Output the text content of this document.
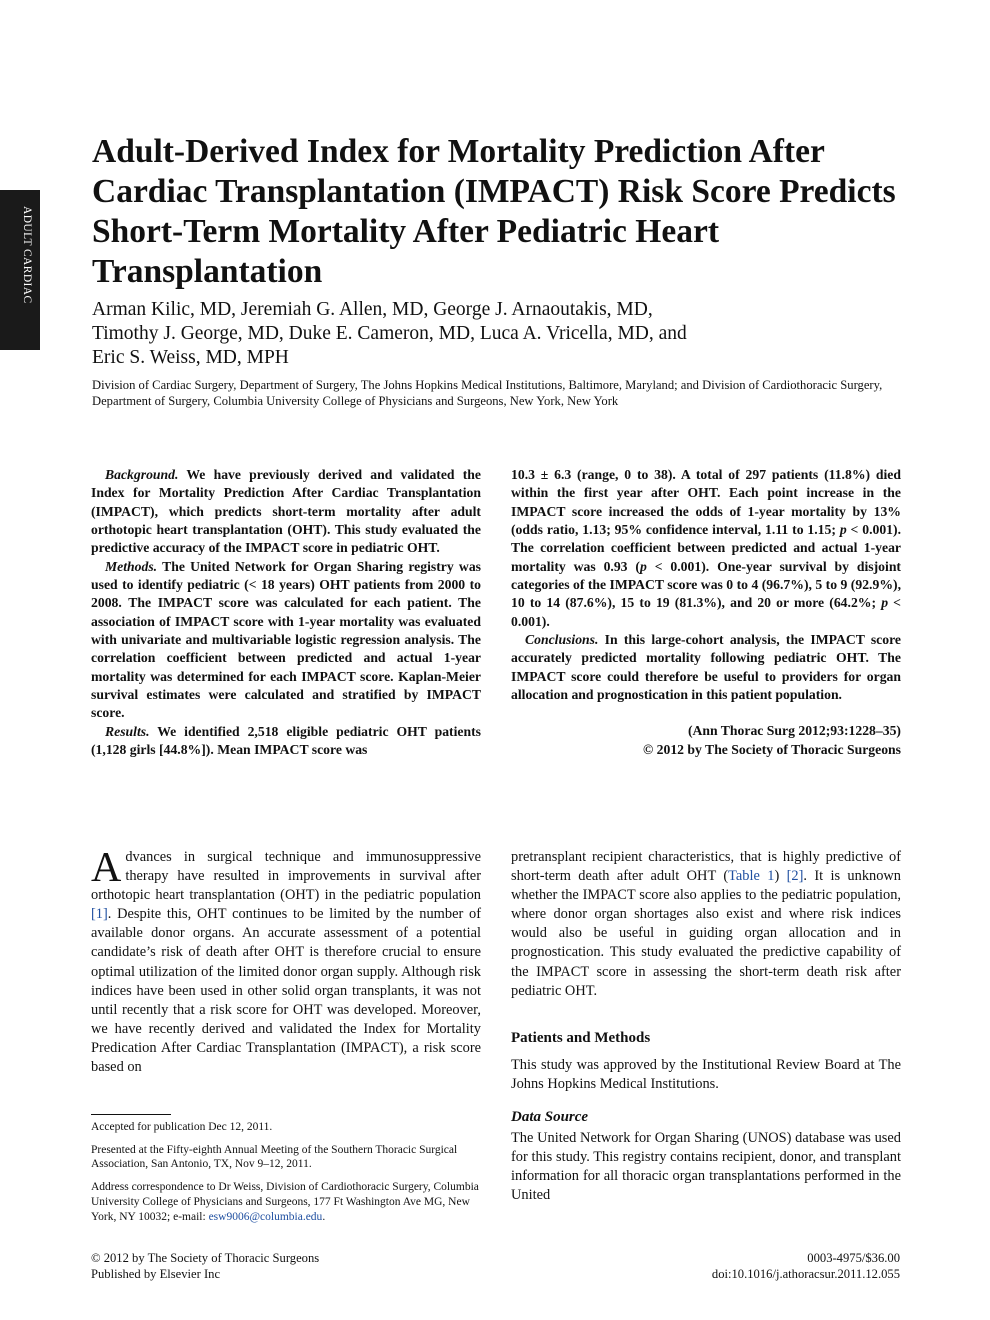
ADULT CARDIAC
Adult-Derived Index for Mortality Prediction After Cardiac Transplantation (IMPACT) Risk Score Predicts Short-Term Mortality After Pediatric Heart Transplantation
Arman Kilic, MD, Jeremiah G. Allen, MD, George J. Arnaoutakis, MD,
Timothy J. George, MD, Duke E. Cameron, MD, Luca A. Vricella, MD, and
Eric S. Weiss, MD, MPH
Division of Cardiac Surgery, Department of Surgery, The Johns Hopkins Medical Institutions, Baltimore, Maryland; and Division of Cardiothoracic Surgery, Department of Surgery, Columbia University College of Physicians and Surgeons, New York, New York

Background. We have previously derived and validated the Index for Mortality Prediction After Cardiac Transplantation (IMPACT), which predicts short-term mortality after adult orthotopic heart transplantation (OHT). This study evaluated the predictive accuracy of the IMPACT score in pediatric OHT.

Methods. The United Network for Organ Sharing registry was used to identify pediatric (< 18 years) OHT patients from 2000 to 2008. The IMPACT score was calculated for each patient. The association of IMPACT score with 1-year mortality was evaluated with univariate and multivariable logistic regression analysis. The correlation coefficient between predicted and actual 1-year mortality was determined for each IMPACT score. Kaplan-Meier survival estimates were calculated and stratified by IMPACT score.

Results. We identified 2,518 eligible pediatric OHT patients (1,128 girls [44.8%]). Mean IMPACT score was

10.3 ± 6.3 (range, 0 to 38). A total of 297 patients (11.8%) died within the first year after OHT. Each point increase in the IMPACT score increased the odds of 1-year mortality by 13% (odds ratio, 1.13; 95% confidence interval, 1.11 to 1.15; p < 0.001). The correlation coefficient between predicted and actual 1-year mortality was 0.93 (p < 0.001). One-year survival by disjoint categories of the IMPACT score was 0 to 4 (96.7%), 5 to 9 (92.9%), 10 to 14 (87.6%), 15 to 19 (81.3%), and 20 or more (64.2%; p < 0.001).

Conclusions. In this large-cohort analysis, the IMPACT score accurately predicted mortality following pediatric OHT. The IMPACT score could therefore be useful to providers for organ allocation and prognostication in this patient population.

(Ann Thorac Surg 2012;93:1228–35)
© 2012 by The Society of Thoracic Surgeons

Advances in surgical technique and immunosuppressive therapy have resulted in improvements in survival after orthotopic heart transplantation (OHT) in the pediatric population [1]. Despite this, OHT continues to be limited by the number of available donor organs. An accurate assessment of a potential candidate’s risk of death after OHT is therefore crucial to ensure optimal utilization of the limited donor organ supply. Although risk indices have been used in other solid organ transplants, it was not until recently that a risk score for OHT was developed. Moreover, we have recently derived and validated the Index for Mortality Predication After Cardiac Transplantation (IMPACT), a risk score based on

pretransplant recipient characteristics, that is highly predictive of short-term death after adult OHT (Table 1) [2]. It is unknown whether the IMPACT score also applies to the pediatric population, where donor organ shortages also exist and where risk indices would also be useful in guiding organ allocation and in prognostication. This study evaluated the predictive capability of the IMPACT score in assessing the short-term death risk after pediatric OHT.

Patients and Methods

This study was approved by the Institutional Review Board at The Johns Hopkins Medical Institutions.

Data Source

The United Network for Organ Sharing (UNOS) database was used for this study. This registry contains recipient, donor, and transplant information for all thoracic organ transplantations performed in the United

Accepted for publication Dec 12, 2011.

Presented at the Fifty-eighth Annual Meeting of the Southern Thoracic Surgical Association, San Antonio, TX, Nov 9–12, 2011.

Address correspondence to Dr Weiss, Division of Cardiothoracic Surgery, Columbia University College of Physicians and Surgeons, 177 Ft Washington Ave MG, New York, NY 10032; e-mail: esw9006@columbia.edu.

© 2012 by The Society of Thoracic Surgeons
Published by Elsevier Inc
0003-4975/$36.00
doi:10.1016/j.athoracsur.2011.12.055
